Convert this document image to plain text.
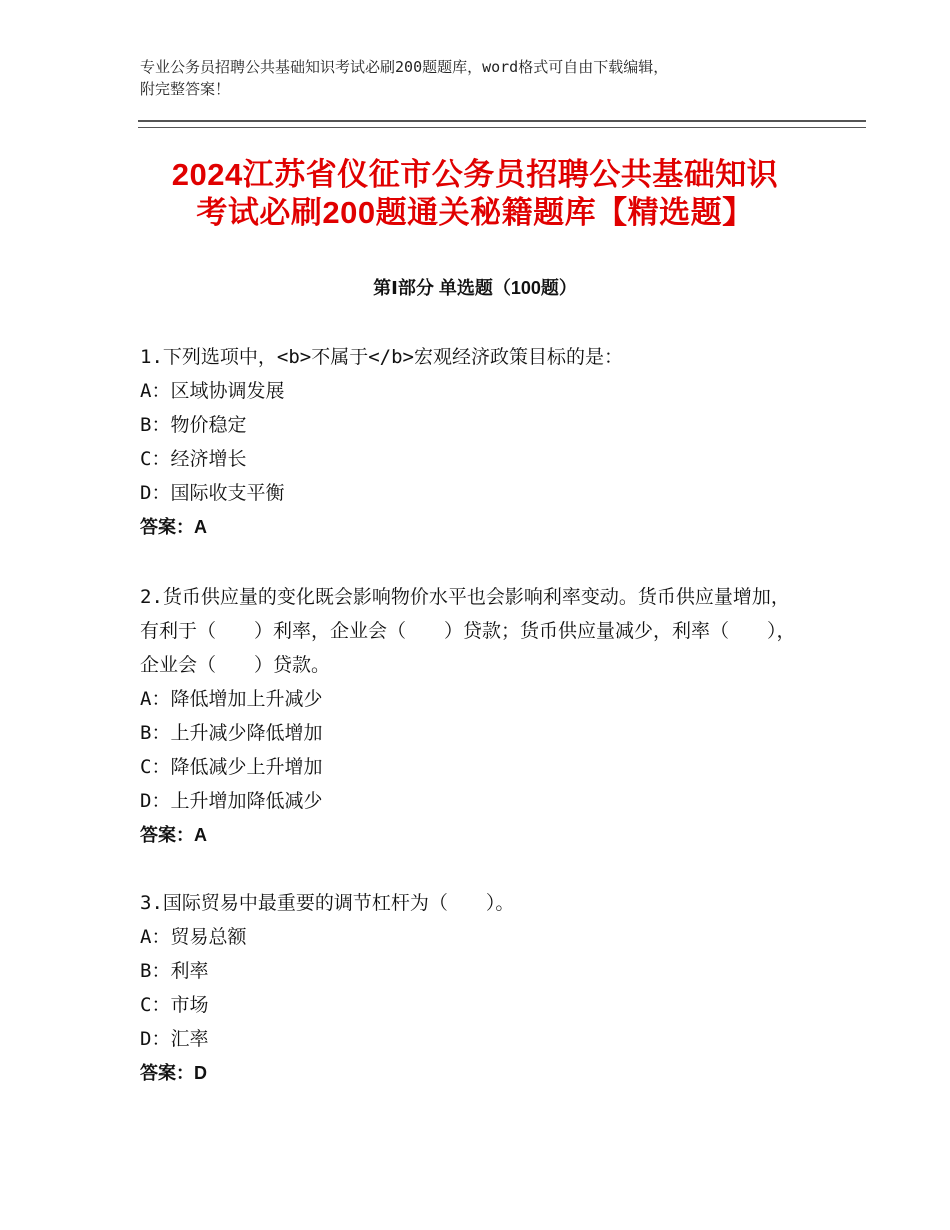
专业公务员招聘公共基础知识考试必刷200题题库，word格式可自由下载编辑，
附完整答案！
2024江苏省仪征市公务员招聘公共基础知识
考试必刷200题通关秘籍题库【精选题】
第Ⅰ部分 单选题（100题）
1.下列选项中，<b>不属于</b>宏观经济政策目标的是：
A：区域协调发展
B：物价稳定
C：经济增长
D：国际收支平衡
答案：A
2.货币供应量的变化既会影响物价水平也会影响利率变动。货币供应量增加，有利于（　　）利率，企业会（　　）贷款；货币供应量减少，利率（　　），企业会（　　）贷款。
A：降低增加上升减少
B：上升减少降低增加
C：降低减少上升增加
D：上升增加降低减少
答案：A
3.国际贸易中最重要的调节杠杆为（　　）。
A：贸易总额
B：利率
C：市场
D：汇率
答案：D
